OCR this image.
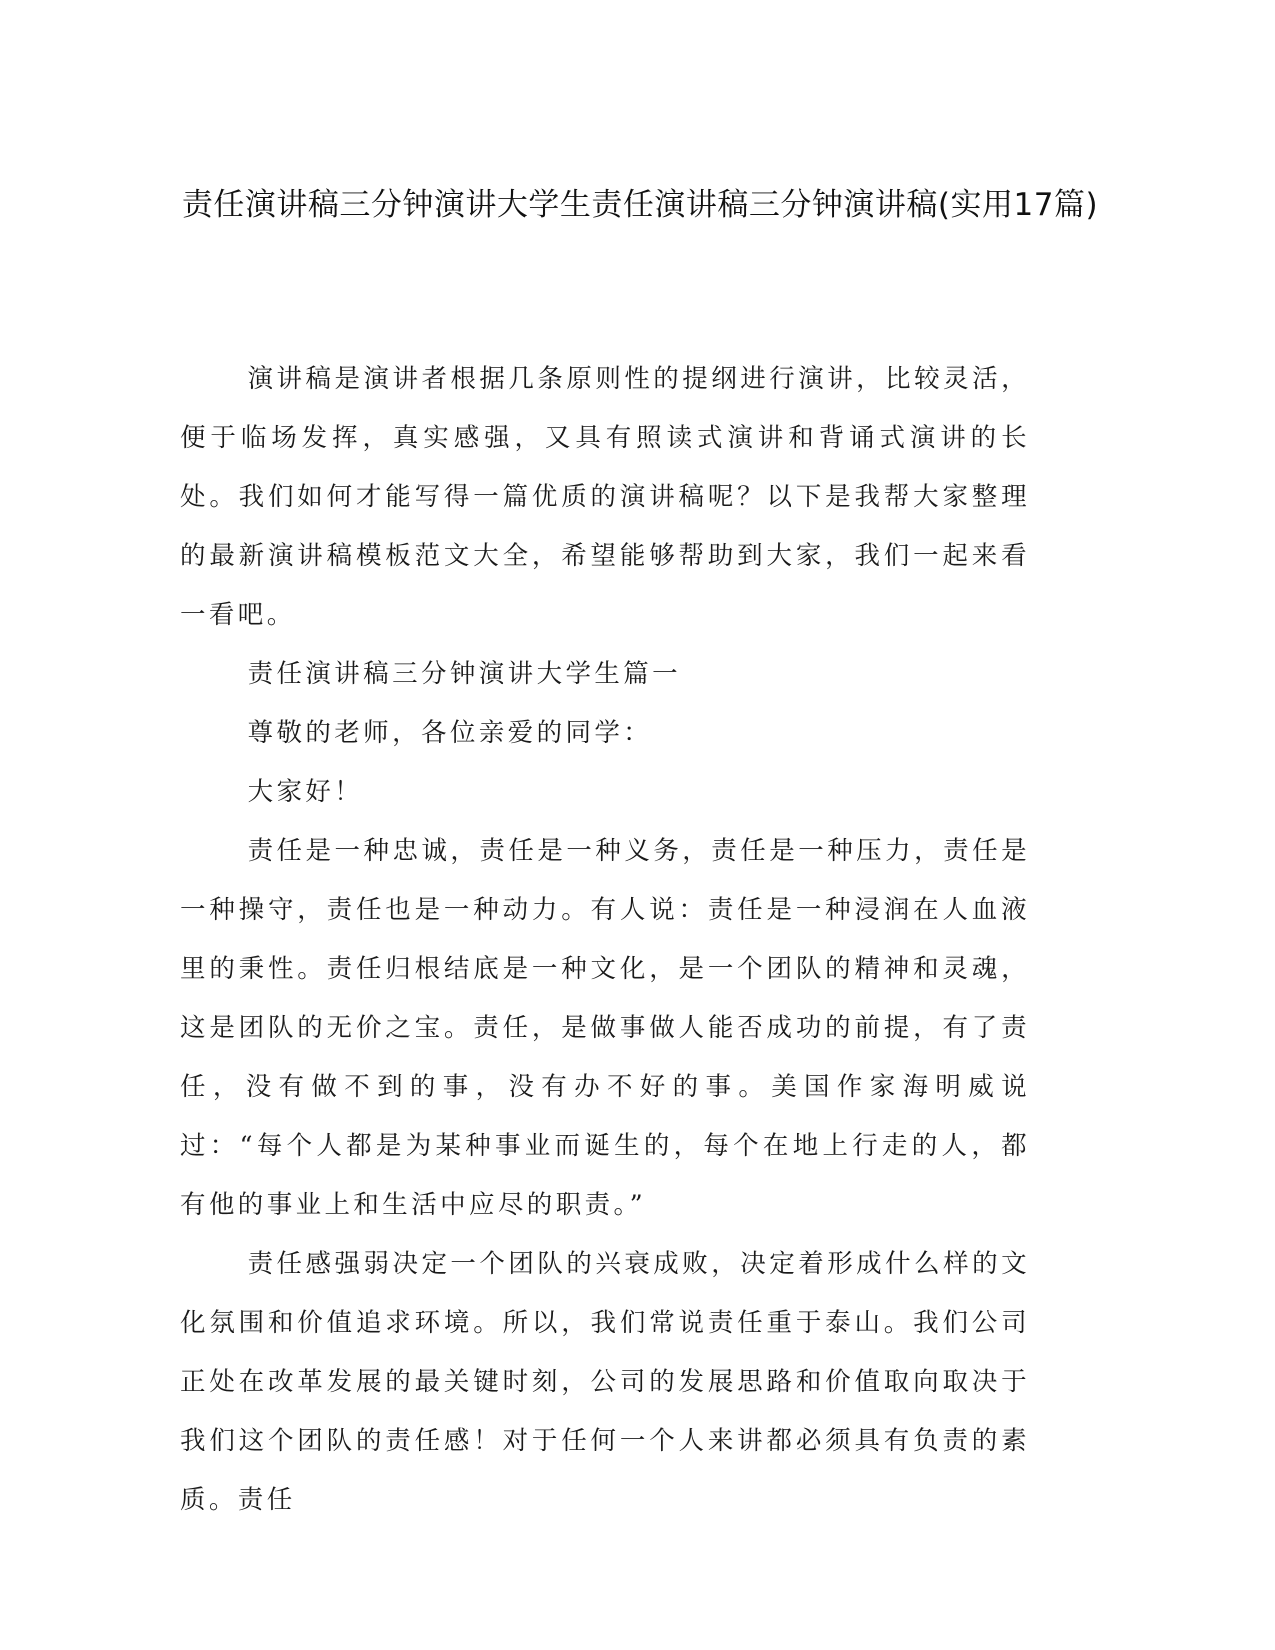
责任演讲稿三分钟演讲大学生责任演讲稿三分钟演讲稿(实用17篇)

演讲稿是演讲者根据几条原则性的提纲进行演讲，比较灵活，便于临场发挥，真实感强，又具有照读式演讲和背诵式演讲的长处。我们如何才能写得一篇优质的演讲稿呢？以下是我帮大家整理的最新演讲稿模板范文大全，希望能够帮助到大家，我们一起来看一看吧。

责任演讲稿三分钟演讲大学生篇一

尊敬的老师，各位亲爱的同学：

大家好！

责任是一种忠诚，责任是一种义务，责任是一种压力，责任是一种操守，责任也是一种动力。有人说：责任是一种浸润在人血液里的秉性。责任归根结底是一种文化，是一个团队的精神和灵魂，这是团队的无价之宝。责任，是做事做人能否成功的前提，有了责任，没有做不到的事，没有办不好的事。美国作家海明威说过：“每个人都是为某种事业而诞生的，每个在地上行走的人，都有他的事业上和生活中应尽的职责。”

责任感强弱决定一个团队的兴衰成败，决定着形成什么样的文化氛围和价值追求环境。所以，我们常说责任重于泰山。我们公司正处在改革发展的最关键时刻，公司的发展思路和价值取向取决于我们这个团队的责任感！对于任何一个人来讲都必须具有负责的素质。责任
